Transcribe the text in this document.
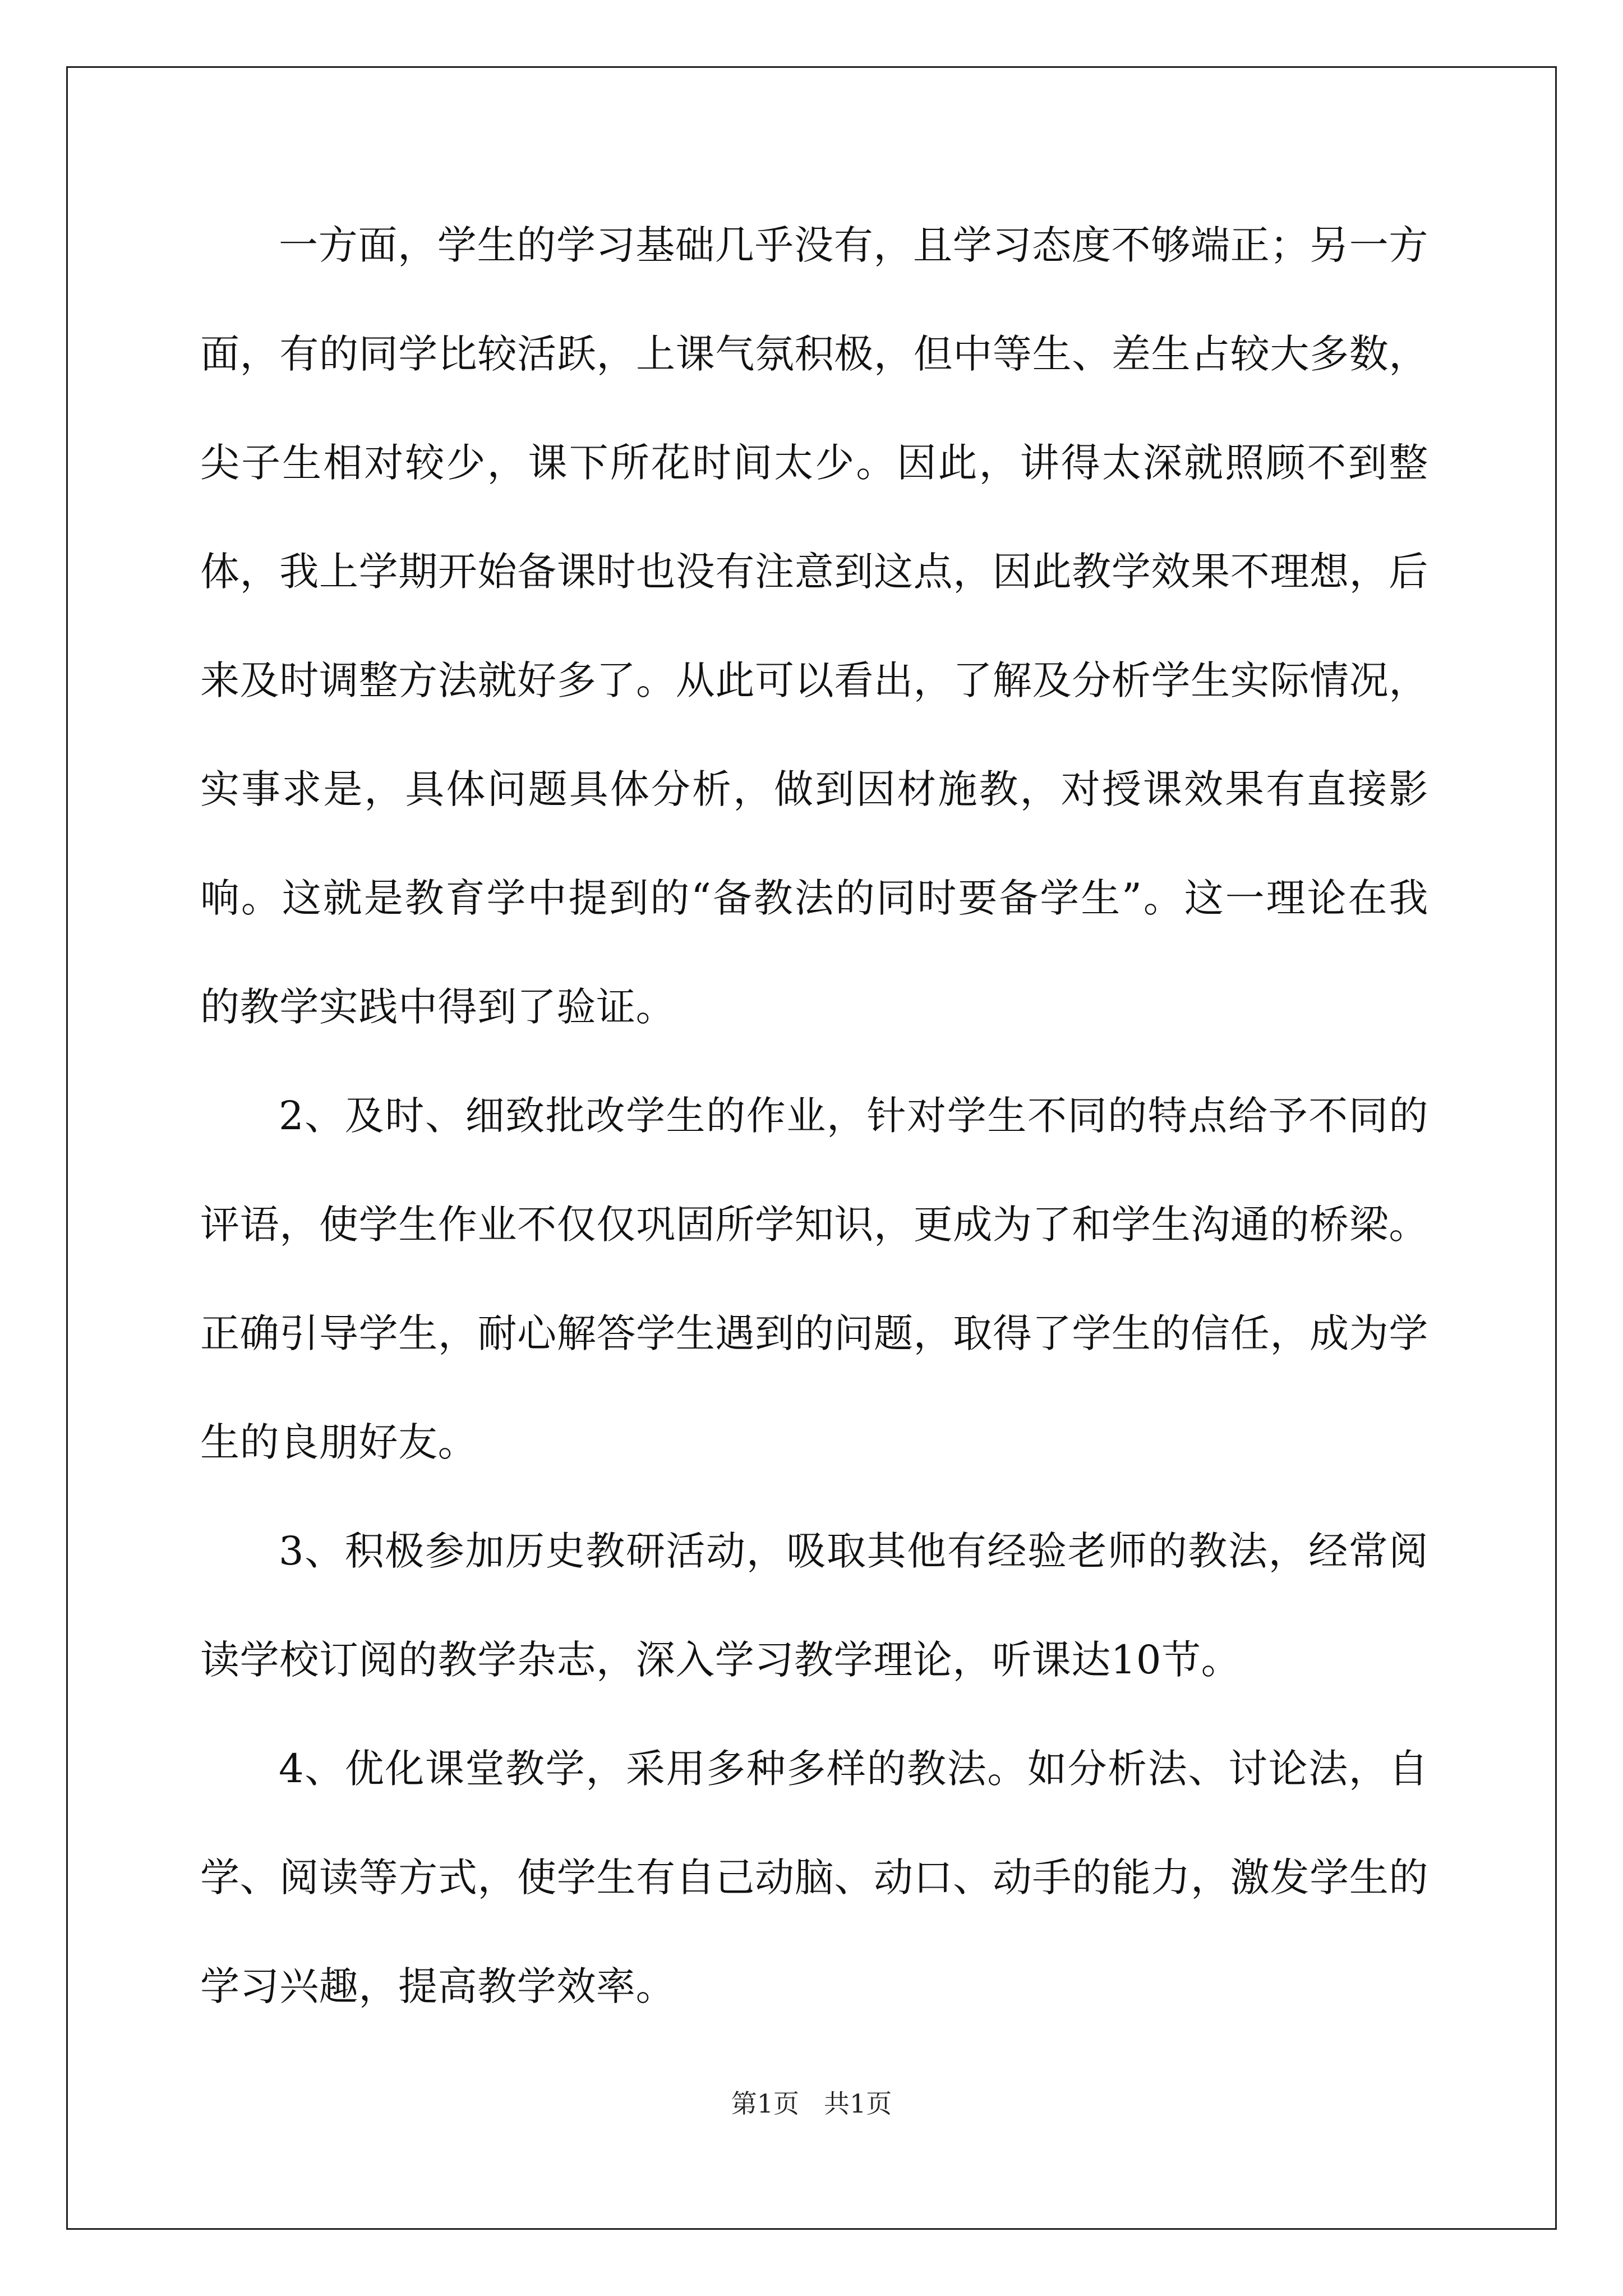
一方面，学生的学习基础几乎没有，且学习态度不够端正；另一方面，有的同学比较活跃，上课气氛积极，但中等生、差生占较大多数，尖子生相对较少，课下所花时间太少。因此，讲得太深就照顾不到整体，我上学期开始备课时也没有注意到这点，因此教学效果不理想，后来及时调整方法就好多了。从此可以看出，了解及分析学生实际情况，实事求是，具体问题具体分析，做到因材施教，对授课效果有直接影响。这就是教育学中提到的“备教法的同时要备学生”。这一理论在我的教学实践中得到了验证。

2、及时、细致批改学生的作业，针对学生不同的特点给予不同的评语，使学生作业不仅仅巩固所学知识，更成为了和学生沟通的桥梁。正确引导学生，耐心解答学生遇到的问题，取得了学生的信任，成为学生的良朋好友。

3、积极参加历史教研活动，吸取其他有经验老师的教法，经常阅读学校订阅的教学杂志，深入学习教学理论，听课达10节。

4、优化课堂教学，采用多种多样的教法。如分析法、讨论法，自学、阅读等方式，使学生有自己动脑、动口、动手的能力，激发学生的学习兴趣，提高教学效率。

第1页 共1页
